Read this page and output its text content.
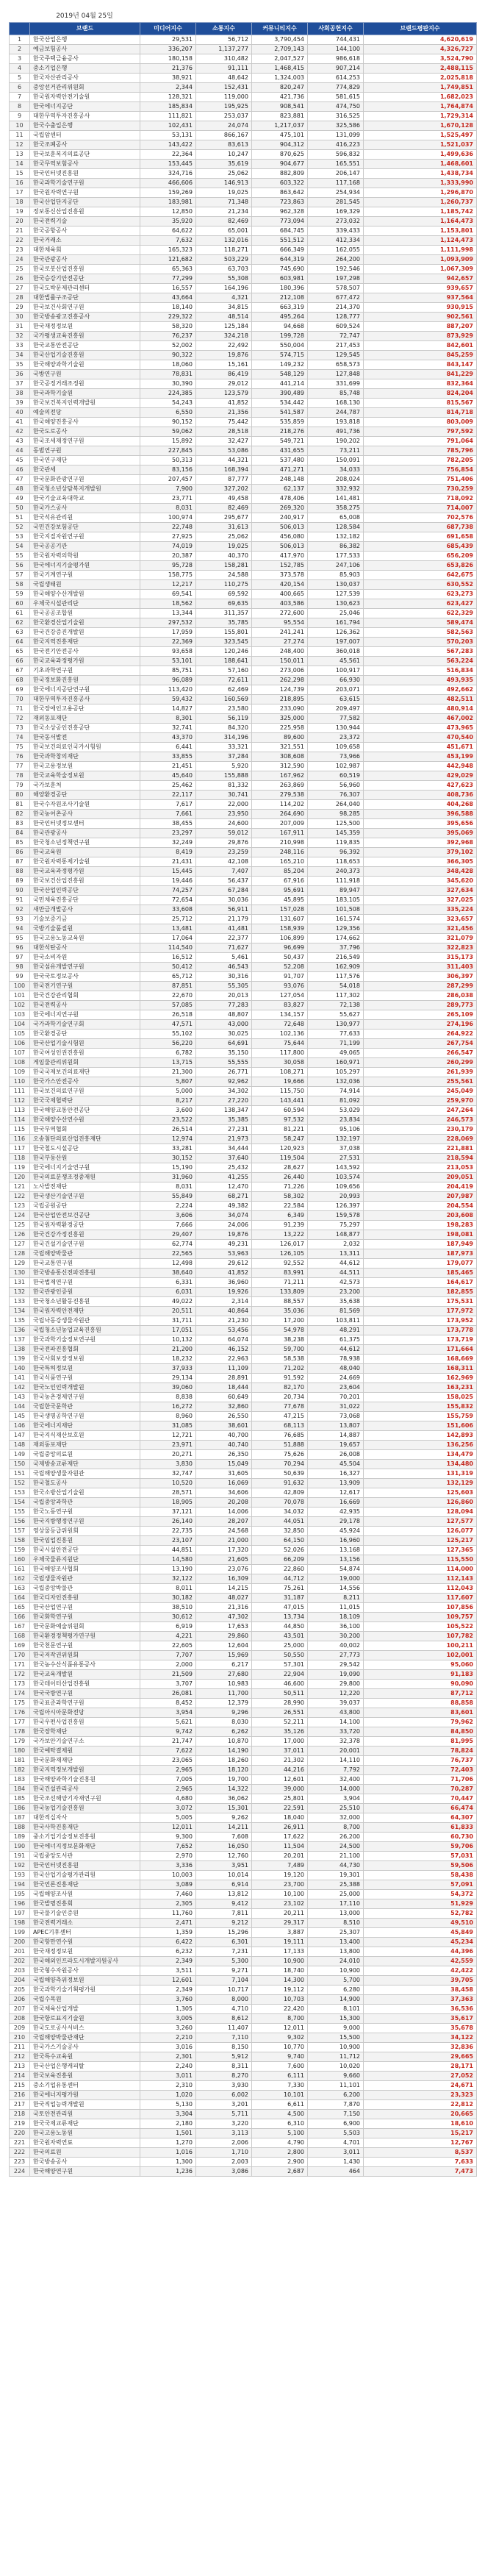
2019년 04월 25일
	브랜드	미디어지수	소통지수	커뮤니티지수	사회공헌지수	브랜드평판지수
1	한국산업은행	29,531	56,712	3,790,454	744,431	4,620,619
2	예금보험공사	336,207	1,137,277	2,709,143	144,100	4,326,727
3	한국주택금융공사	180,158	310,482	2,047,527	986,618	3,524,790
4	중소기업은행	21,376	91,111	1,468,415	907,214	2,488,115
5	한국자산관리공사	38,921	48,642	1,324,003	614,253	2,025,818
6	중앙선거관리위원회	2,344	152,431	820,247	774,829	1,749,851
7	한국원자력안전기술원	128,321	119,000	421,736	581,615	1,682,023
8	한국에너지공단	185,834	195,925	908,541	474,750	1,764,874
9	대한무역투자진흥공사	111,821	253,037	823,881	316,525	1,729,314
10	한국수출입은행	102,431	24,074	1,217,037	325,586	1,670,128
11	국립암센터	53,131	866,167	475,101	131,099	1,525,497
12	한국조폐공사	143,422	83,613	904,312	416,223	1,521,037
13	한국보훈복지의료공단	22,364	10,247	870,625	596,832	1,499,636
14	한국무역보험공사	153,445	35,619	904,677	165,551	1,468,601
15	한국인터넷진흥원	324,716	25,062	882,809	206,147	1,438,734
16	한국과학기술연구원	466,606	146,913	603,322	117,168	1,333,990
17	한국원자력연구원	159,269	19,025	863,642	254,934	1,296,870
18	한국산업단지공단	183,981	71,348	723,863	281,545	1,260,737
19	정보통신산업진흥원	12,850	21,234	962,328	169,329	1,185,742
20	한국전력기술	35,920	82,469	773,094	273,032	1,164,473
21	한국공항공사	64,622	65,001	684,745	339,433	1,153,801
22	한국거래소	7,632	132,016	551,512	412,334	1,124,473
23	대한체육회	165,323	118,271	666,349	162,055	1,111,998
24	한국관광공사	121,682	503,229	644,319	264,200	1,093,909
25	한국로봇산업진흥원	65,363	63,703	745,690	192,546	1,067,309
26	한국승강기안전공단	77,299	55,308	603,981	197,298	942,657
27	한국도박문제관리센터	16,557	164,196	180,396	578,507	939,657
28	대한법률구조공단	43,664	4,321	212,108	677,472	937,564
29	한국보건사회연구원	18,140	34,815	663,319	214,370	930,915
30	한국방송광고진흥공사	229,322	48,514	495,264	128,777	902,561
31	한국재정정보원	58,320	125,184	94,668	609,524	887,207
32	국가평생교육진흥원	76,237	324,218	199,728	72,747	873,929
33	한국교통안전공단	52,002	22,492	550,004	217,453	842,601
34	한국산업기술진흥원	90,322	19,876	574,715	129,545	845,259
35	한국해양과학기술원	18,060	15,161	149,232	658,573	843,147
36	국방연구원	78,831	86,419	548,129	127,848	841,229
37	한국공정거래조정원	30,390	29,012	441,214	331,699	832,364
38	한국과학기술원	224,385	123,579	390,489	85,748	824,204
39	한국보건복지인력개발원	54,243	41,852	534,442	168,130	815,567
40	예술의전당	6,550	21,356	541,587	244,787	814,718
41	한국해양진흥공사	90,152	75,442	535,859	193,818	803,009
42	한국도로공사	59,062	28,518	218,276	491,736	797,592
43	한국조세재정연구원	15,892	32,427	549,721	190,202	791,064
44	동범연구원	227,845	53,086	431,655	73,211	785,796
45	한국연구재단	50,313	44,321	537,480	150,091	782,205
46	한국관세	83,156	168,394	471,271	34,033	756,854
47	한국문화관광연구원	207,457	87,777	248,148	208,024	751,406
48	한국청소년상담복지개발원	7,900	327,202	62,137	332,932	730,259
49	한국기술교육대학교	23,771	49,458	478,406	141,481	718,092
50	한국가스공사	8,031	82,469	269,320	358,275	714,007
51	한국석유관리원	100,974	295,677	240,917	65,008	702,576
52	국민건강보험공단	22,748	31,613	506,013	128,584	687,738
53	한국지질자원연구원	27,925	25,062	456,080	132,182	691,658
54	한국공공기관	74,019	19,025	506,013	86,382	685,439
55	한국원자력의학원	20,387	40,370	417,970	177,533	656,209
56	한국에너지기술평가원	95,728	158,281	152,785	247,106	653,826
57	한국기계연구원	158,775	24,588	373,578	85,903	642,675
58	국립생태원	12,217	110,275	420,154	130,037	630,552
59	한국해양수산개발원	69,541	69,592	400,665	127,539	623,273
60	우체국시설관리단	18,562	69,635	403,586	130,623	623,427
61	한국공공조합원	13,344	311,357	272,600	25,046	622,329
62	한국환경산업기술원	297,532	35,785	95,554	161,794	589,474
63	한국건강증진개발원	17,959	155,801	241,241	126,362	582,563
64	한국지역진흥재단	22,369	323,545	27,274	197,007	570,203
65	한국전기안전공사	93,658	120,246	248,400	360,018	567,283
66	한국교육과정평가원	53,101	188,641	150,011	45,561	563,224
67	기초과학연구원	85,751	57,160	273,006	100,917	516,834
68	한국정보화진흥원	96,089	72,611	262,298	66,930	493,935
69	한국에너지공단연구원	113,420	62,469	124,739	203,071	492,662
70	대한무역투자진흥공사	59,432	160,569	218,895	63,615	482,511
71	한국장애인고용공단	14,827	23,580	233,090	209,497	480,914
72	재외동포재단	8,301	56,119	325,000	77,582	467,002
73	한국소상공인진흥공단	32,741	84,320	225,958	130,944	473,965
74	한국동서발전	43,370	314,196	89,600	23,372	470,540
75	한국보건의료인국가시험원	6,441	33,321	321,551	109,658	451,671
76	한국과학창의재단	33,855	37,284	308,608	73,966	453,199
77	한국고용정보원	21,451	5,920	312,590	102,987	442,948
78	한국교육학술정보원	45,640	155,888	167,962	60,519	429,029
79	국가보훈처	25,462	81,332	263,869	56,960	427,623
80	해양환경공단	22,117	30,741	279,538	76,307	408,736
81	한국수자원조사기술원	7,617	22,000	114,202	264,040	404,268
82	한국농어촌공사	7,661	23,950	264,690	98,285	396,588
83	한국인터넷정보센터	38,455	24,600	207,009	125,500	395,656
84	한국관광공사	23,297	59,012	167,911	145,359	395,069
85	한국청소년정책연구원	32,249	29,876	210,998	119,835	392,968
86	한국교육원	8,419	23,259	248,116	96,392	379,102
87	한국원자력통제기술원	21,431	42,108	165,210	118,653	366,305
88	한국교육과정평가원	15,445	7,407	85,204	240,373	348,428
89	한국보건산업진흥원	19,446	56,437	67,916	111,918	345,620
90	한국산업인력공단	74,257	67,284	95,691	89,947	327,634
91	국민체육진흥공단	72,654	30,036	45,895	183,105	327,025
92	새만금개발공사	33,608	56,911	157,028	101,508	335,224
93	기술보증기금	25,712	21,179	131,607	161,574	323,657
94	국방기술품질원	13,481	41,481	158,939	129,356	321,456
95	한국고용노동교육원	17,064	22,377	106,899	174,662	321,079
96	대한석탄공사	114,540	71,627	96,699	37,796	322,823
97	한국소비자원	16,512	5,461	50,437	216,549	315,173
98	한국섬유개발연구원	50,412	46,543	52,208	162,909	311,403
99	한국국토정보공사	65,712	30,316	91,707	117,576	306,397
100	한국전기연구원	87,851	55,305	93,076	54,018	287,299
101	한국건강관리협회	22,670	20,013	127,054	117,302	286,038
102	한국전력공사	57,085	77,283	83,827	72,138	289,773
103	한국에너지연구원	26,518	48,807	134,157	55,627	265,109
104	국가과학기술연구회	47,571	43,000	72,648	130,977	274,196
105	한국환경공단	55,102	30,025	102,136	77,633	264,922
106	한국산업기술시험원	56,220	64,691	75,644	71,199	267,754
107	한국여성인권진흥원	6,782	35,150	117,800	49,065	266,547
108	게임물관리위원회	13,715	55,555	30,058	160,971	260,299
109	한국국제보건의료재단	21,300	26,771	108,271	105,297	261,939
110	한국가스안전공사	5,807	92,962	19,666	132,036	255,561
111	한국보건의료연구원	5,000	34,302	115,750	74,914	245,049
112	한국국제협력단	8,217	27,220	143,441	81,092	259,970
113	한국해양교통안전공단	3,600	138,347	60,594	53,029	247,264
114	한국해양수산연수원	23,522	35,385	97,532	23,834	246,573
115	한국무역협회	26,514	27,231	81,221	95,106	230,179
116	오송첨단의료산업진흥재단	12,974	21,973	58,247	132,197	228,069
117	한국철도시설공단	33,281	34,444	120,923	37,038	221,881
118	한국부동산원	30,152	37,640	119,504	27,531	218,594
119	한국에너지기술연구원	15,190	25,432	28,627	143,592	213,053
120	한국의료분쟁조정중재원	31,960	41,255	26,440	103,574	209,051
121	노사발전재단	8,031	12,470	71,226	109,656	204,419
122	한국생산기술연구원	55,849	68,271	58,302	20,993	207,987
123	국립공원공단	2,224	49,382	22,584	126,397	204,554
124	한국산업안전보건공단	3,606	34,074	6,349	159,578	203,608
125	한국원자력환경공단	7,666	24,006	91,239	75,297	198,283
126	한국건강가정진흥원	29,407	19,876	13,222	148,877	198,081
127	한국건설기술연구원	62,774	49,231	126,017	2,032	187,949
128	국립해양박물관	22,565	53,963	126,105	13,311	187,973
129	한국교통연구원	12,498	29,612	92,552	44,612	179,077
130	한국방송통신전파진흥원	38,640	41,852	83,991	44,511	185,465
131	한국법제연구원	6,331	36,960	71,211	42,573	164,617
132	한국관광인증원	6,031	19,926	133,809	23,200	182,855
133	한국청소년활동진흥원	49,022	2,314	88,557	35,638	175,531
134	한국원자력안전재단	20,511	40,864	35,036	81,569	177,972
135	국립낙동강생물자원관	31,711	21,230	17,200	103,811	173,952
136	국립청소년농업교육진흥원	17,051	53,456	54,978	48,291	173,778
137	한국과학기술정보연구원	10,132	64,074	38,238	61,375	173,719
138	한국전파진흥협회	21,200	46,152	59,700	44,612	171,664
139	한국사회보장정보원	18,232	22,963	58,538	78,938	168,669
140	한국특허정보원	37,933	11,109	71,202	48,040	168,311
141	한국식품연구원	29,134	28,891	91,592	24,669	162,969
142	한국노인인력개발원	39,060	18,444	82,170	23,604	163,231
143	한국농촌경제연구원	8,838	60,649	20,734	70,201	158,025
144	국립한국문학관	16,272	32,860	77,678	31,022	155,832
145	한국생명공학연구원	8,960	26,550	47,215	73,068	155,759
146	한국에너지재단	31,085	38,601	68,113	13,807	151,606
147	한국지식재산보호원	12,721	40,700	76,685	14,887	142,893
148	재외동포재단	23,971	40,740	51,888	19,657	136,256
149	국립중앙의료원	20,271	26,350	75,626	26,008	134,479
150	국제방송교류재단	3,830	15,049	70,294	45,504	134,480
151	국립해양생물자원관	32,747	31,605	50,639	16,327	131,319
152	한국철도공사	10,520	16,069	91,632	13,909	132,129
153	한국소방산업기술원	28,571	34,606	42,809	12,617	125,603
154	국립중앙과학관	18,905	20,208	70,078	16,669	126,860
155	한국노동연구원	37,121	14,006	34,032	42,935	128,094
156	한국지방행정연구원	26,140	28,207	44,051	29,178	127,577
157	영상물등급위원회	22,735	24,568	32,850	45,924	126,077
158	한국임업진흥원	23,107	21,000	64,150	16,960	125,217
159	한국시설안전공단	44,851	17,320	52,026	13,168	127,365
160	우체국물류지원단	14,580	21,605	66,209	13,156	115,550
161	한국해양조사협회	13,190	23,076	22,860	54,874	114,000
162	국립생물자원관	32,122	16,309	44,712	19,000	112,143
163	국립중앙박물관	8,011	14,215	75,261	14,556	112,043
164	한국디자인진흥원	30,182	48,027	31,187	8,211	117,607
165	한국산업연구원	38,510	21,316	47,015	11,015	107,856
166	한국화학연구원	30,612	47,302	13,734	18,109	109,757
167	한국문화예술위원회	6,919	17,653	44,850	36,100	105,522
168	한국환경정책평가연구원	4,221	29,860	43,501	30,200	107,782
169	한국천문연구원	22,605	12,604	25,000	40,002	100,211
170	한국저작권위원회	7,707	15,969	50,550	27,773	102,001
171	한국농수산식품유통공사	2,000	6,217	57,301	29,542	95,060
172	한국교육개발원	21,509	27,680	22,904	19,090	91,183
173	한국데이터산업진흥원	3,707	10,983	46,600	29,800	90,090
174	한국국방연구원	26,081	11,700	50,511	12,220	87,712
175	한국표준과학연구원	8,452	12,379	28,990	39,037	88,858
176	국립아시아문화전당	3,954	9,296	26,551	43,800	83,601
177	한국우편사업진흥원	5,621	8,030	52,211	14,100	79,962
178	한국장학재단	9,742	6,262	35,126	33,720	84,850
179	국가보안기술연구소	21,747	10,870	17,000	32,378	81,995
180	한국예탁결제원	7,622	14,190	37,011	20,001	78,824
181	한국문화재재단	23,065	18,260	21,302	14,110	76,737
182	한국지역정보개발원	2,965	18,120	44,216	7,792	72,403
183	한국해양과학기술진흥원	7,005	19,700	12,601	32,400	71,706
184	한국건설관리공사	2,965	14,322	39,000	14,000	70,287
185	한국조선해양기자재연구원	4,680	36,062	25,801	3,904	70,447
186	한국농업기술진흥원	3,072	15,301	22,591	25,510	66,474
187	대한적십자사	5,005	9,262	18,040	32,000	64,307
188	한국사학진흥재단	12,011	14,211	26,911	8,700	61,833
189	중소기업기술정보진흥원	9,300	7,608	17,622	26,200	60,730
190	한국에너지정보문화재단	7,652	16,050	11,504	24,500	59,706
191	국립중앙도서관	2,970	12,760	20,201	21,100	57,031
192	한국인터넷진흥원	3,336	3,951	7,489	44,730	59,506
193	한국산업기술평가관리원	10,003	10,014	19,120	19,301	58,438
194	한국언론진흥재단	3,089	6,914	23,700	25,388	57,091
195	국립해양조사원	7,460	13,812	10,100	25,000	54,372
196	한국발명진흥회	2,305	9,412	23,102	17,110	51,929
197	한국물기술인증원	11,760	7,811	20,211	13,000	52,782
198	한국전력거래소	2,471	9,212	29,317	8,510	49,510
199	APEC기후센터	1,359	15,296	3,887	25,307	45,849
200	한국항만연수원	6,422	6,301	19,111	13,400	45,234
201	한국재정정보원	6,232	7,231	17,133	13,800	44,396
202	한국해외인프라도시개발지원공사	2,349	5,300	10,900	24,010	42,559
203	한국형수자원공사	3,511	9,271	18,740	10,900	42,422
204	국립해양측위정보원	12,601	7,104	14,300	5,700	39,705
205	한국과학기술기획평가원	2,349	10,717	19,112	6,280	38,458
206	국립수목원	3,760	8,000	10,703	14,900	37,363
207	한국체육산업개발	1,305	4,710	22,420	8,101	36,536
208	한국항로표지기술원	3,005	8,612	8,700	15,300	35,617
209	한국도로공사서비스	3,260	11,407	12,011	9,000	35,678
210	국립해양박물관재단	2,210	7,110	9,302	15,500	34,122
211	한국가스기술공사	3,016	8,150	10,770	10,900	32,836
212	한국특수교육원	2,301	5,912	9,740	11,712	29,665
213	한국산업은행캐피탈	2,240	8,311	7,600	10,020	28,171
214	한국보육진흥원	3,011	8,270	6,111	9,660	27,052
215	중소기업유통센터	2,310	3,930	7,330	11,101	24,671
216	한국에너지평가원	1,020	6,002	10,101	6,200	23,323
217	한국직업능력개발원	5,130	3,201	6,611	7,870	22,812
218	국토안전관리원	3,304	5,711	4,500	7,150	20,665
219	한국국제교류재단	2,180	3,220	6,310	6,900	18,610
220	한국고용노동원	1,501	3,113	5,100	5,503	15,217
221	한국원자력연료	1,270	2,006	4,790	4,701	12,767
222	한국의료원	1,016	1,710	2,800	3,011	8,537
223	한국방송공사	1,300	2,003	2,900	1,430	7,633
224	한국해양연구원	1,236	3,086	2,687	464	7,473
